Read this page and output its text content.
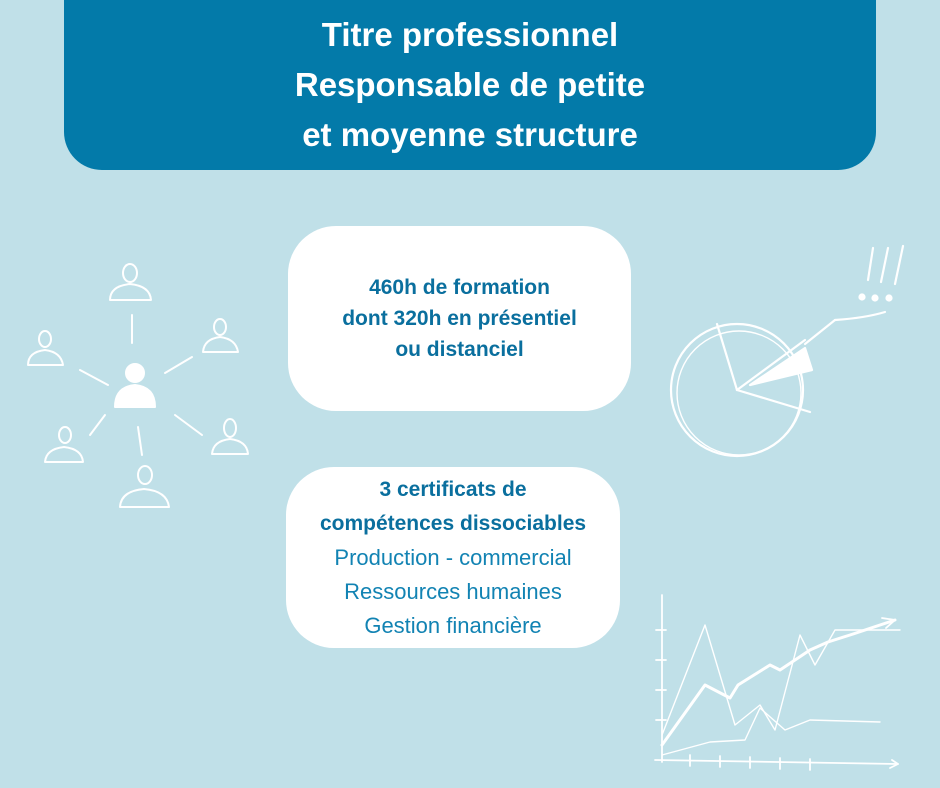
Titre professionnel
Responsable de petite
et moyenne structure
460h de formation
dont 320h en présentiel
ou distanciel
3 certificats de
compétences dissociables
Production - commercial
Ressources humaines
Gestion financière
